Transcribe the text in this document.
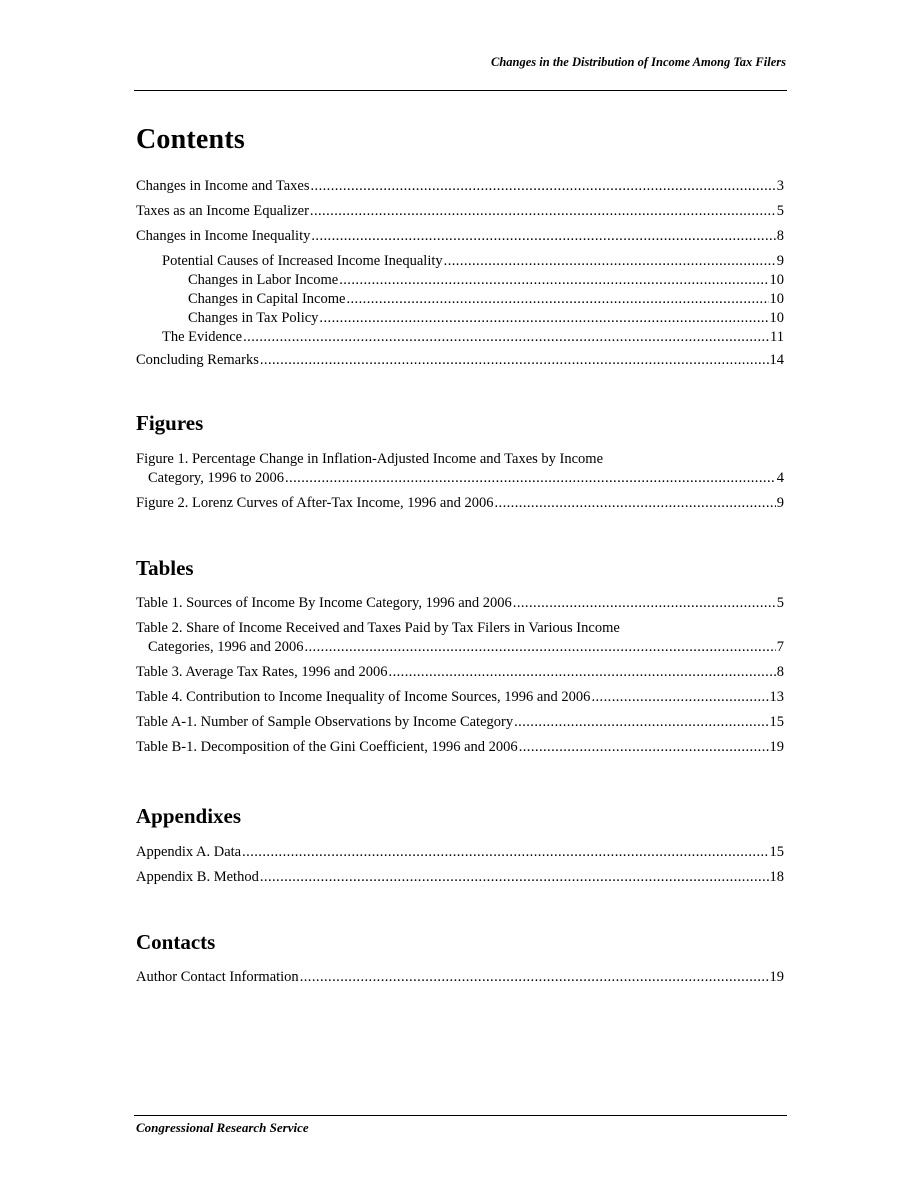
Changes in the Distribution of Income Among Tax Filers
Contents
Changes in Income and Taxes . . .	3
Taxes as an Income Equalizer . . .	5
Changes in Income Inequality . . .	8
Potential Causes of Increased Income Inequality . . .	9
Changes in Labor Income . . .	10
Changes in Capital Income . . .	10
Changes in Tax Policy . . .	10
The Evidence . . .	11
Concluding Remarks . . .	14
Figures
Figure 1. Percentage Change in Inflation-Adjusted Income and Taxes by Income
Category, 1996 to 2006 . . .	4
Figure 2. Lorenz Curves of After-Tax Income, 1996 and 2006 . . .	9
Tables
Table 1. Sources of Income By Income Category, 1996 and 2006 . . .	5
Table 2. Share of Income Received and Taxes Paid by Tax Filers in Various Income
Categories, 1996 and 2006 . . .	7
Table 3. Average Tax Rates, 1996 and 2006 . . .	8
Table 4. Contribution to Income Inequality of Income Sources, 1996 and 2006 . . .	13
Table A-1. Number of Sample Observations by Income Category . . .	15
Table B-1. Decomposition of the Gini Coefficient, 1996 and 2006 . . .	19
Appendixes
Appendix A. Data . . .	15
Appendix B. Method . . .	18
Contacts
Author Contact Information . . .	19
Congressional Research Service
